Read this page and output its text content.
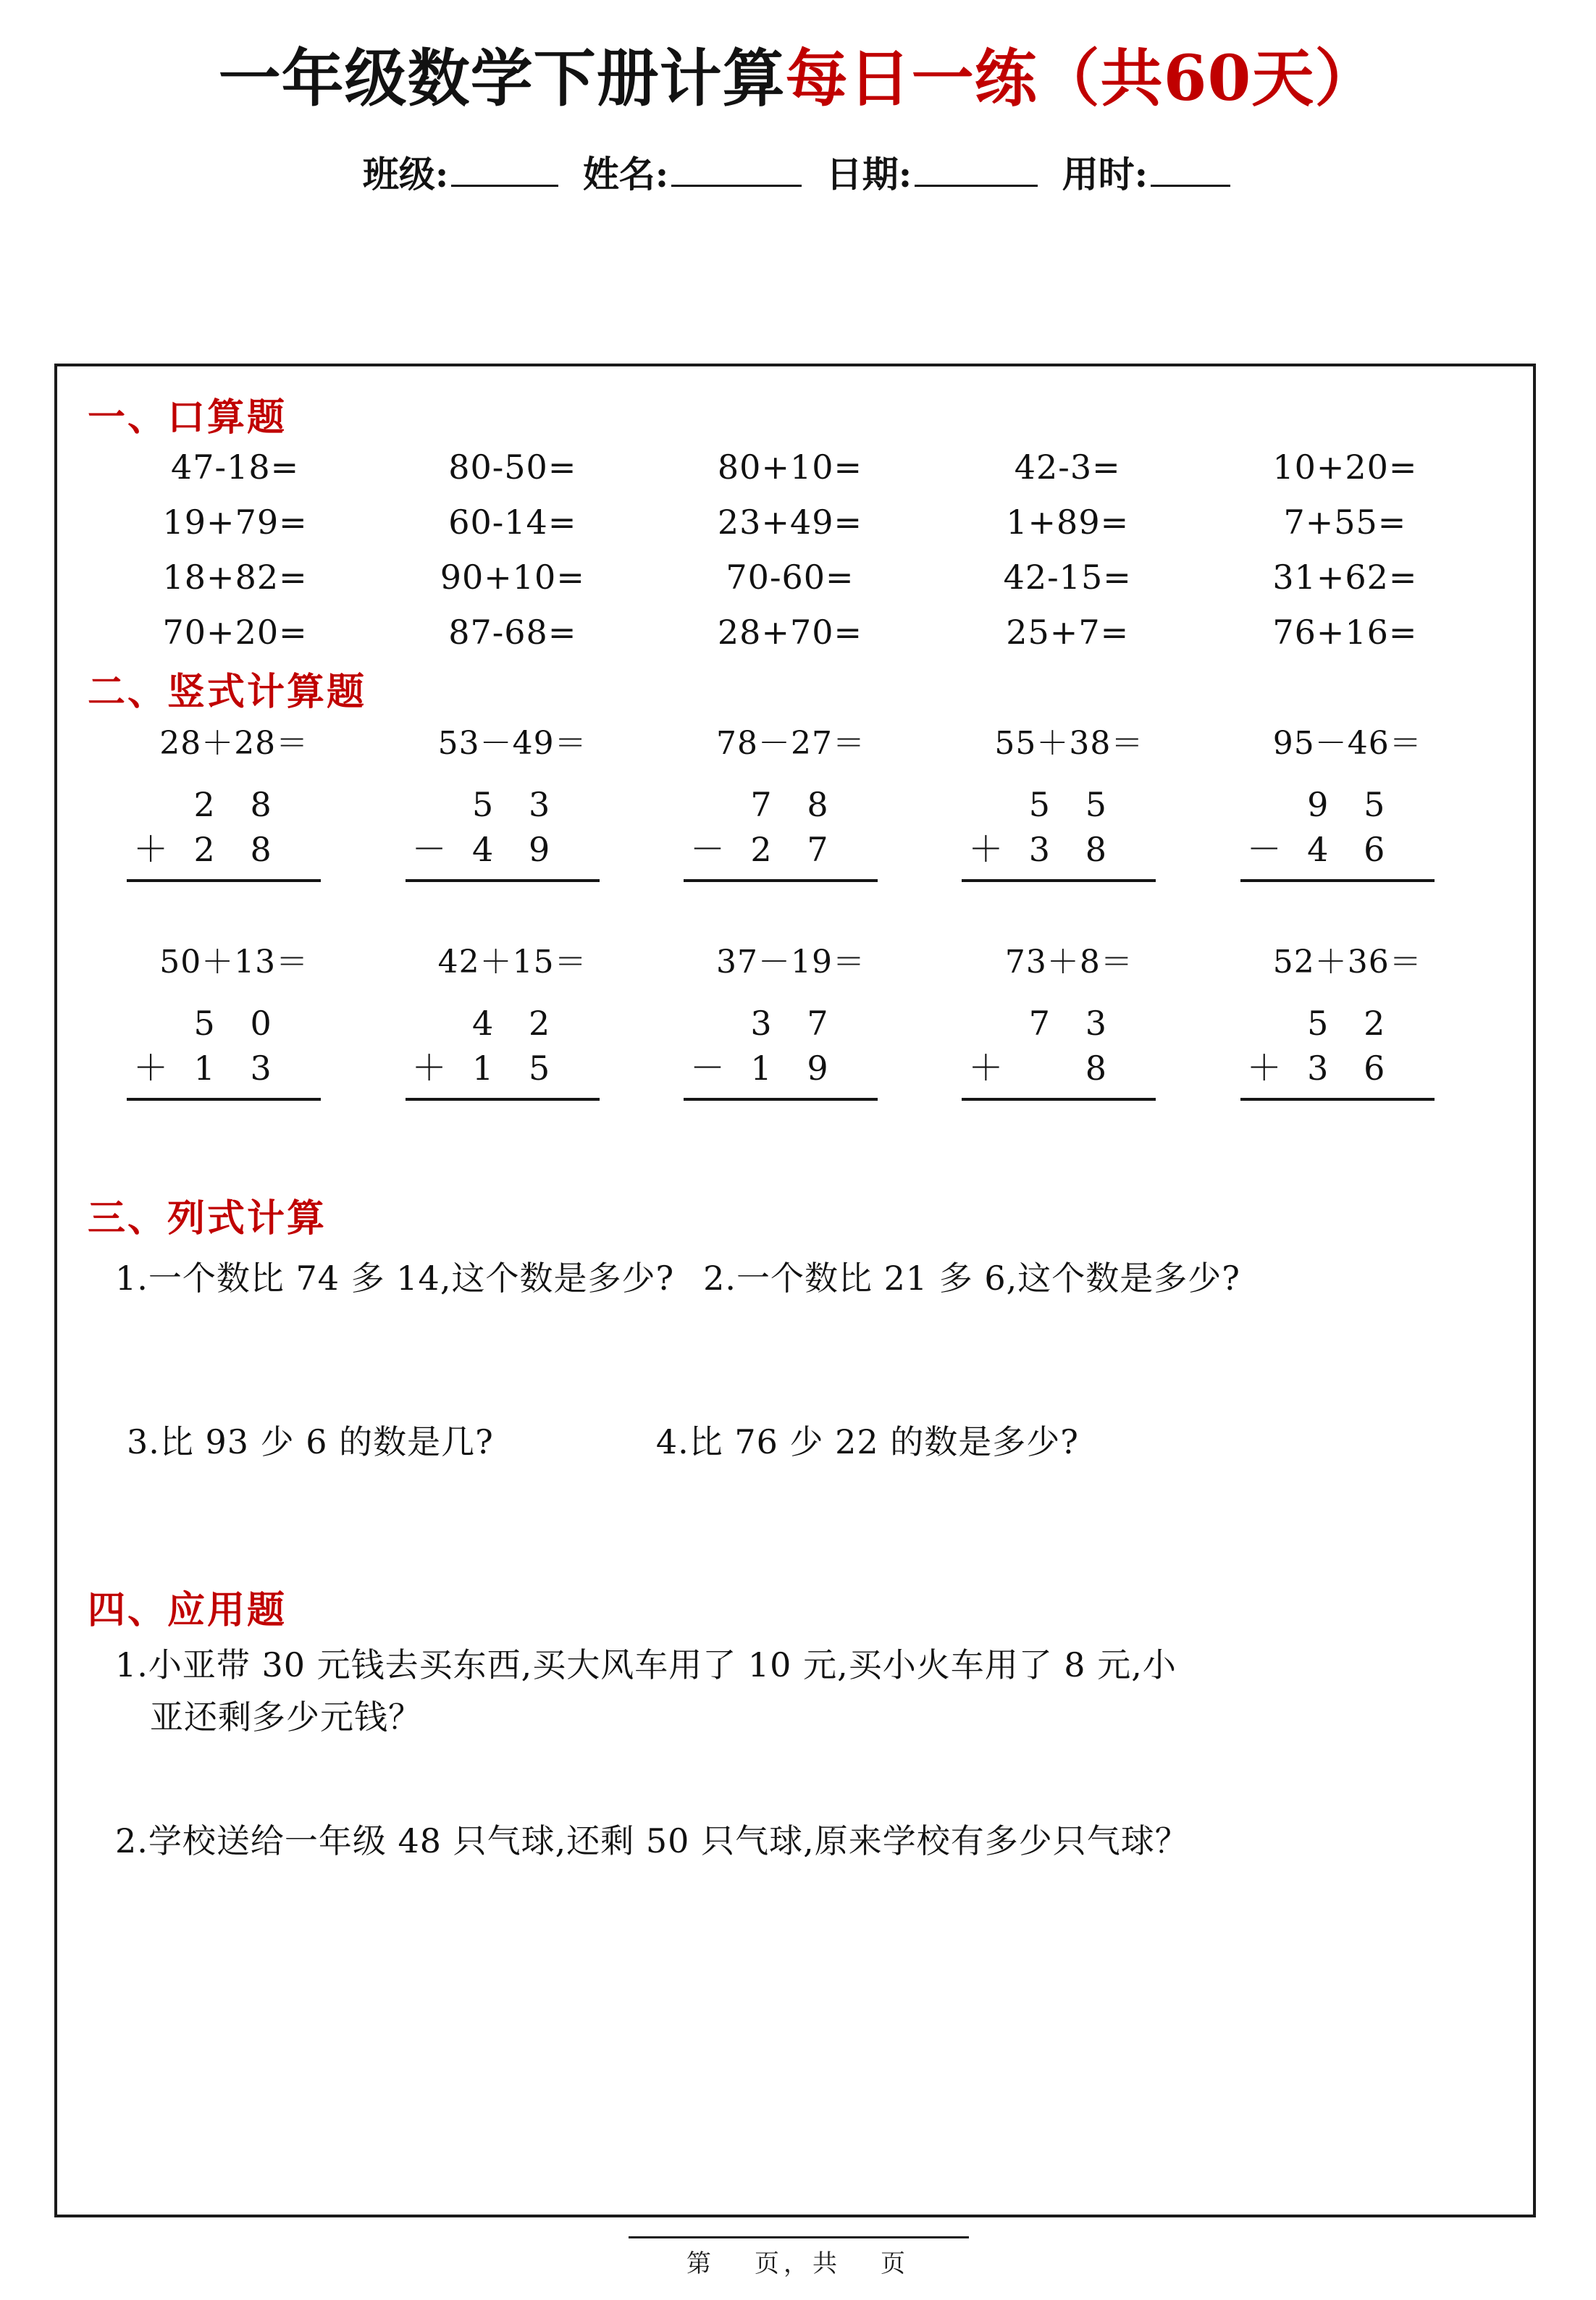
一年级数学下册计算每日一练（共60天）
班级:	姓名:	日期:	用时:
一、口算题
47-18=	80-50=	80+10=	42-3=	10+20=
19+79=	60-14=	23+49=	1+89=	7+55=
18+82=	90+10=	70-60=	42-15=	31+62=
70+20=	87-68=	28+70=	25+7=	76+16=
二、竖式计算题
28＋28＝
2	8
＋ 2	8
53－49＝
5	3
－ 4	9
78－27＝
7	8
－ 2	7
55＋38＝
5	5
＋ 3	8
95－46＝
9	5
－ 4	6
50＋13＝
5	0
＋ 1	3
42＋15＝
4	2
＋ 1	5
37－19＝
3	7
－ 1	9
73＋8＝
7	3
＋	8
52＋36＝
5	2
＋ 3	6
三、列式计算
1.一个数比 74 多 14,这个数是多少? 2.一个数比 21 多 6,这个数是多少?
3.比 93 少 6 的数是几?	4.比 76 少 22 的数是多少?
四、应用题
1.小亚带 30 元钱去买东西,买大风车用了 10 元,买小火车用了 8 元,小
亚还剩多少元钱？
2.学校送给一年级 48 只气球,还剩 50 只气球,原来学校有多少只气球？
第 页，共 页
